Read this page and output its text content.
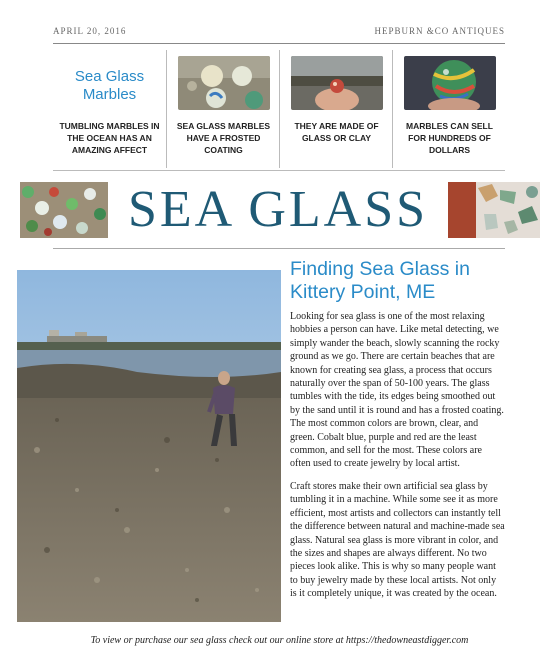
APRIL 20, 2016	HEPBURN &CO ANTIQUES
Sea Glass Marbles
TUMBLING MARBLES IN THE OCEAN HAS AN AMAZING AFFECT
SEA GLASS MARBLES HAVE A FROSTED COATING
THEY ARE MADE OF GLASS OR CLAY
MARBLES CAN SELL FOR HUNDREDS OF DOLLARS
SEA GLASS
Finding Sea Glass in Kittery Point, ME

Looking for sea glass is one of the most relaxing hobbies a person can have. Like metal detecting, we simply wander the beach, slowly scanning the rocky ground as we go. There are certain beaches that are known for creating sea glass, a process that occurs naturally over the span of 50-100 years. The glass tumbles with the tide, its edges being smoothed out by the sand until it is round and has a frosted coating. The most common colors are brown, clear, and green. Cobalt blue, purple and red are the least common, and sell for the most. These colors are often used to create jewelry by local artist.

Craft stores make their own artificial sea glass by tumbling it in a machine. While some see it as more efficient, most artists and collectors can instantly tell the difference between natural and machine-made sea glass. Natural sea glass is more vibrant in color, and the sizes and shapes are always different. No two pieces look alike. This is why so many people want to buy jewelry made by these local artists. Not only is it completely unique, it was created by the ocean.

To view or purchase our sea glass check out our online store at https://thedowneastdigger.com
